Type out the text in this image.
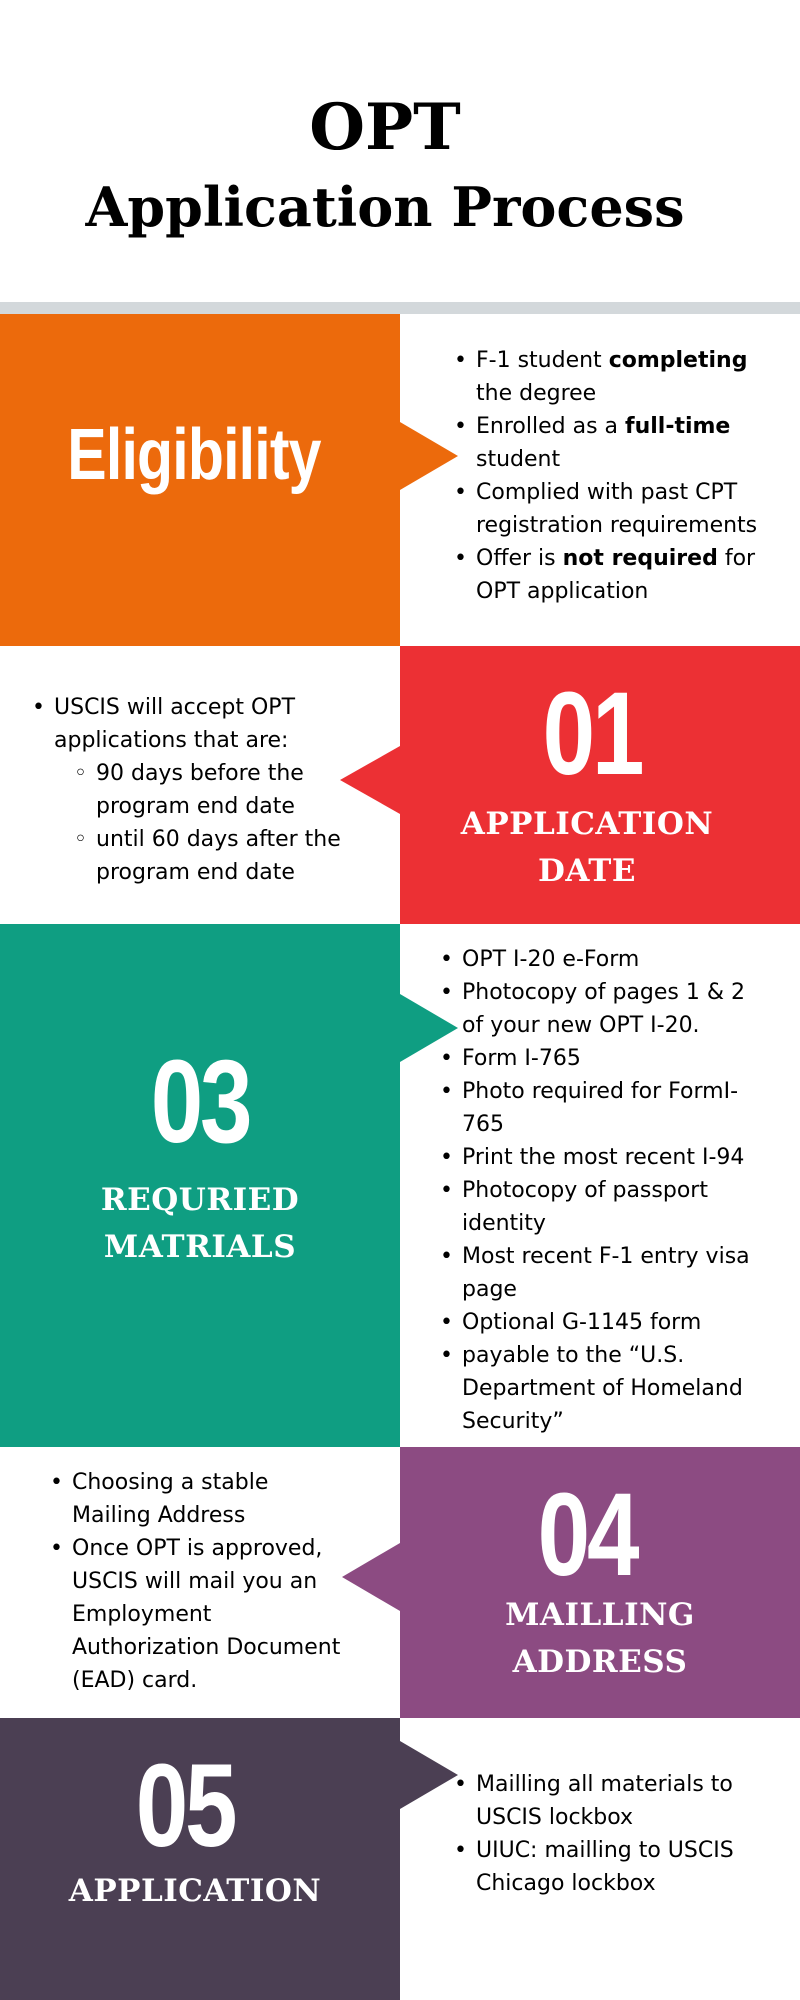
OPT
Application Process
Eligibility
• F-1 student completing the degree
• Enrolled as a full-time student
• Complied with past CPT registration requirements
• Offer is not required for OPT application
01
APPLICATION
DATE
• USCIS will accept OPT applications that are:
◦ 90 days before the program end date
◦ until 60 days after the program end date
03
REQURIED
MATRIALS
• OPT I-20 e-Form
• Photocopy of pages 1 & 2 of your new OPT I-20.
• Form I-765
• Photo required for FormI-765
• Print the most recent I-94
• Photocopy of passport identity
• Most recent F-1 entry visa page
• Optional G-1145 form
• payable to the “U.S. Department of Homeland Security”
04
MAILLING
ADDRESS
• Choosing a stable Mailing Address
• Once OPT is approved, USCIS will mail you an Employment Authorization Document (EAD) card.
05
APPLICATION
• Mailling all materials to USCIS lockbox
• UIUC: mailling to USCIS Chicago lockbox
